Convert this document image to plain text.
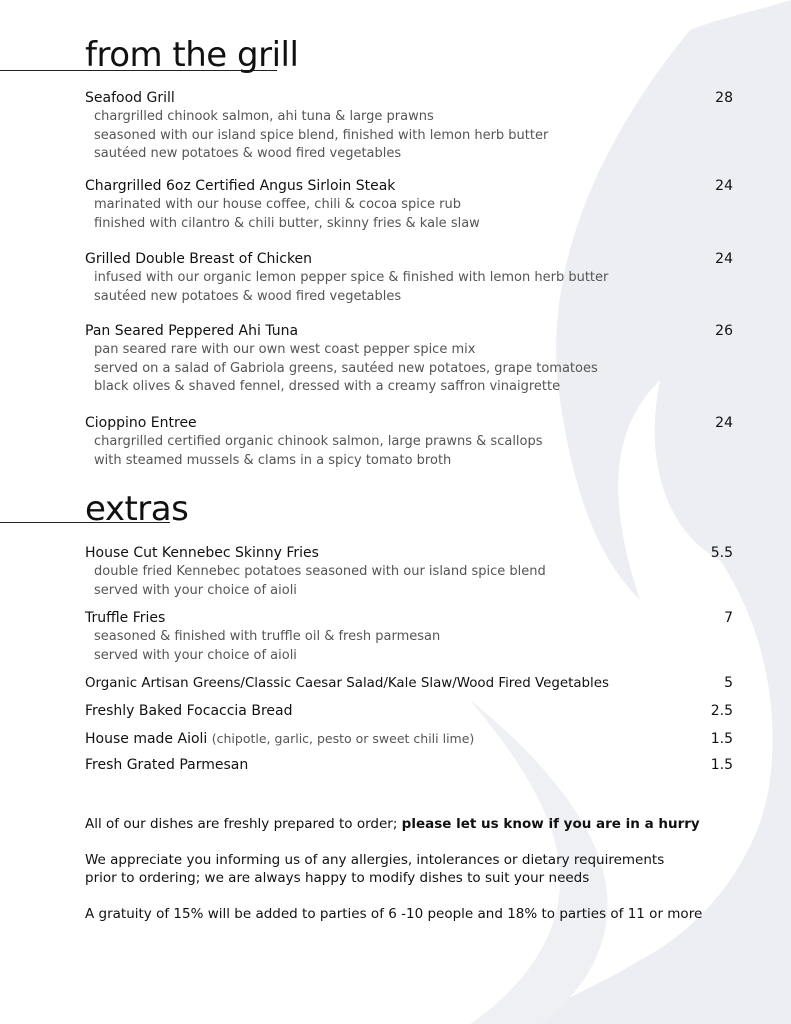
from the grill
Seafood Grill	28
chargrilled chinook salmon, ahi tuna & large prawns
seasoned with our island spice blend, finished with lemon herb butter
sautéed new potatoes & wood fired vegetables
Chargrilled 6oz Certified Angus Sirloin Steak	24
marinated with our house coffee, chili & cocoa spice rub
finished with cilantro & chili butter, skinny fries & kale slaw
Grilled Double Breast of Chicken	24
infused with our organic lemon pepper spice & finished with lemon herb butter
sautéed new potatoes & wood fired vegetables
Pan Seared Peppered Ahi Tuna	26
pan seared rare with our own west coast pepper spice mix
served on a salad of Gabriola greens, sautéed new potatoes, grape tomatoes
black olives & shaved fennel, dressed with a creamy saffron vinaigrette
Cioppino Entree	24
chargrilled certified organic chinook salmon, large prawns & scallops
with steamed mussels & clams in a spicy tomato broth
extras
House Cut Kennebec Skinny Fries	5.5
double fried Kennebec potatoes seasoned with our island spice blend
served with your choice of aioli
Truffle Fries	7
seasoned & finished with truffle oil & fresh parmesan
served with your choice of aioli
Organic Artisan Greens/Classic Caesar Salad/Kale Slaw/Wood Fired Vegetables	5
Freshly Baked Focaccia Bread	2.5
House made Aioli (chipotle, garlic, pesto or sweet chili lime)	1.5
Fresh Grated Parmesan	1.5
All of our dishes are freshly prepared to order; please let us know if you are in a hurry
We appreciate you informing us of any allergies, intolerances or dietary requirements
prior to ordering; we are always happy to modify dishes to suit your needs
A gratuity of 15% will be added to parties of 6 -10 people and 18% to parties of 11 or more
